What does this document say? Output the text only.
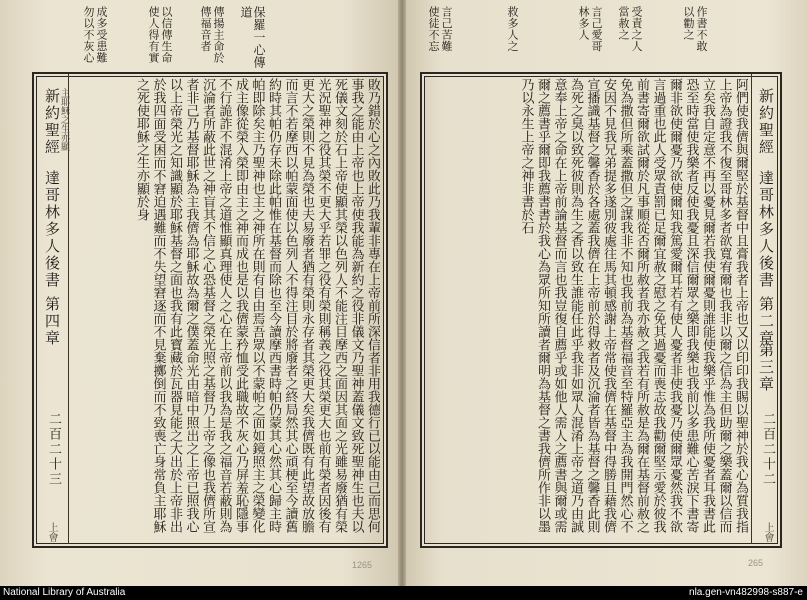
成多受患難
勿以不灰心	以信傳生命
使人得有實	傳揚主命於
傳福音者	保羅一心傳
道
新約聖經
達哥林多人後書
第四章
二百二十三
主耶穌之生亦顯
上會	敗乃錯於心之內敗此乃我輩非專在上帝前所深信者非用我德行已以能由己而思何事我之能由上帝也上帝使我能為新約之役非儀文乃聖神蓋儀文致死聖神生也夫以死儀文刻於石上帝使顯其榮以色列人不能注目摩西之面因其面之光雖易廢猶有榮光況聖神之役其榮不更大乎若罪之役有榮則稱義之役其榮更大也前有榮者因後有更大之榮則不見為榮也夫易廢者猶有榮則永存者其榮更大矣我儕既有此望故放膽而言不若摩西以帕蒙面使以色列人不得注目於將廢者之終局然其心頑梗至今讀舊約時其帕仍存未除此帕惟在基督而除也至今讀摩西書時帕仍蒙其心然其心歸主時帕即除矣主乃聖神也主之神所在則有自由焉吾眾以不蒙帕之面如鏡照主之榮變化成主像從榮入榮即由主之神而成也是以我儕蒙矜恤受此職故不灰心乃屏羞恥隱事不行詭詐不混淆上帝之道惟顯真理使人之心在上帝前以我為是我之福音若蔽則為沉淪者所蔽此世之神盲其不信之心恐基督之榮光照之基督乃上帝之像也我儕所宣者非己乃基督耶穌為主我儕為耶穌故為爾之僕蓋命光由暗中照出之上帝已照我心以上帝榮光之知識顯於耶穌基督之面也我有此寶藏於瓦器見能之大出於上帝非出於我四面受困而不窘迫遇難而不失望窘逐而不見棄擲倒而不致喪亡身常負主耶穌之死使耶穌之生亦顯於身
言己苦難
使徒不忘	救多人之	言己愛哥
林多人	受責之人
當赦之	作書不敢
以勸之
阿們使我儕與爾堅於基督中且膏我者上帝也又以印印我賜以聖神於我心為質我指上帝為證我不復至哥林多者欲寬宥爾也我非以爾之信為主但助爾之樂蓋爾以信而立矣我自定意不再以憂見爾若我使爾憂則誰能使我樂乎惟為我所使憂者耳我書此恐至時當使我樂者反使我憂且深信爾眾之樂即我樂也我前以多患難心苦淚下書寄爾非欲使爾憂乃欲使爾知我篤愛爾耳若有使人憂者非使我憂乃使爾眾憂然我不欲言過重也此人受眾責罰已足爾宜赦之慰之免其過憂而喪志故我勸爾堅示愛於彼我前書寄爾欲試爾於凡事順從否爾所赦者我亦赦之我若有所赦是為爾在基督前赦之免為撒但所乘蓋撒但之謀我非不知也我前為基督福音至特羅亞主為我開門然心不安因不見我兄弟提多遂別彼處往馬其頓感謝上帝常使我儕在基督中得勝且藉我儕宣播識基督之馨香於各處蓋我儕在上帝前於得救者及沉淪者皆為基督之馨香此則為死之臭以致死彼則為生之香以致生誰能任此乎我非如眾人混淆上帝之道乃由誠意奉上帝之命在上帝前論基督而言也我豈復自薦乎或如他人需人之薦書與爾或需爾之薦書乎爾即我薦書書於我心為眾所知所讀者爾明為基督之書我儕所作非以墨乃以永生上帝之神非書於石	新約聖經
達哥林多人後書
第二章
第三章
二百二十二
上會
1265	265
National Library of Australia	nla.gen-vn482998-s887-e
